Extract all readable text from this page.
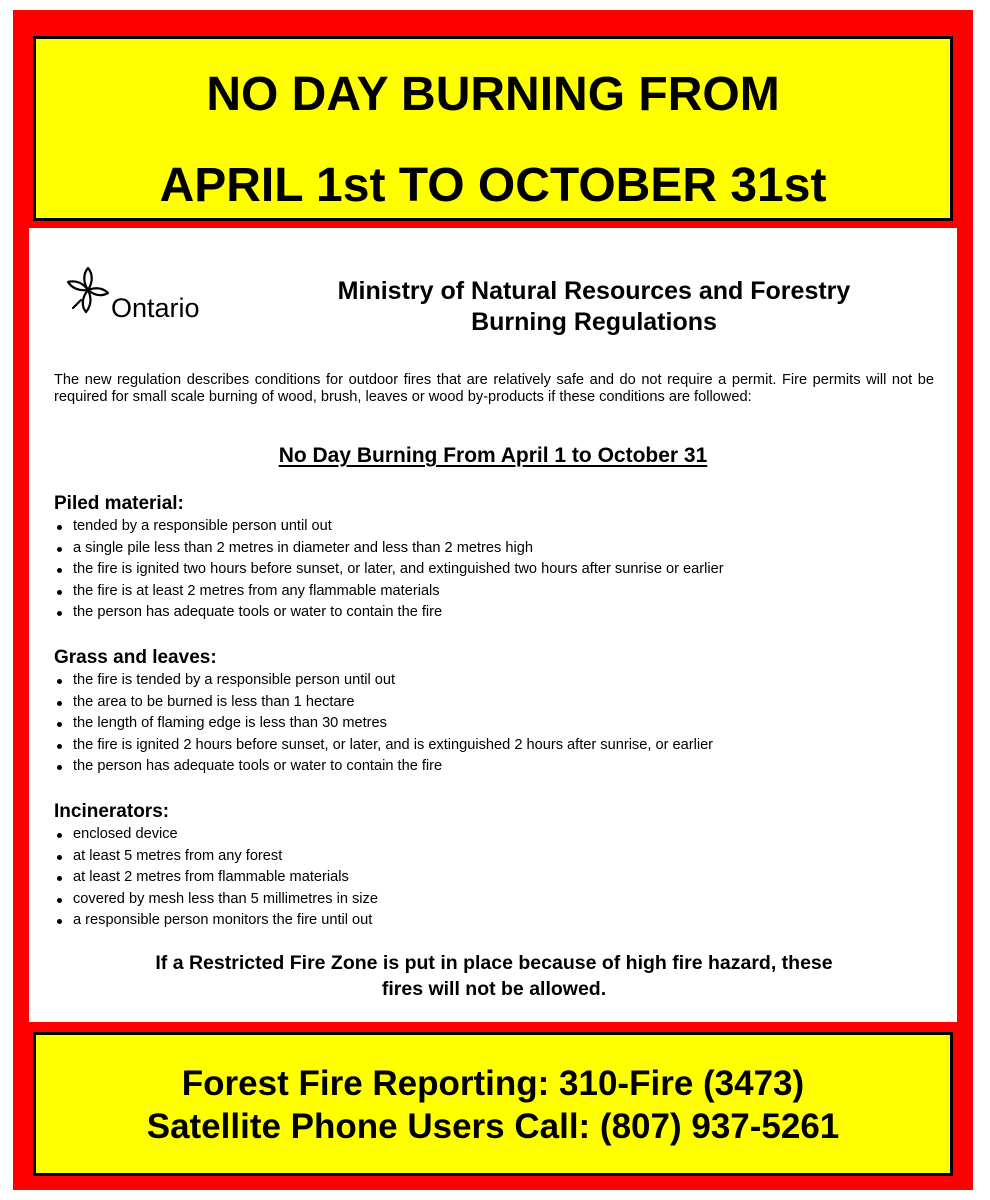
NO DAY BURNING FROM
APRIL 1st TO OCTOBER 31st
Ontario
Ministry of Natural Resources and Forestry
Burning Regulations
The new regulation describes conditions for outdoor fires that are relatively safe and do not require a permit. Fire permits will not be required for small scale burning of wood, brush, leaves or wood by-products if these conditions are followed:
No Day Burning From April 1 to October 31
Piled material:
tended by a responsible person until out
a single pile less than 2 metres in diameter and less than 2 metres high
the fire is ignited two hours before sunset, or later, and extinguished two hours after sunrise or earlier
the fire is at least 2 metres from any flammable materials
the person has adequate tools or water to contain the fire
Grass and leaves:
the fire is tended by a responsible person until out
the area to be burned is less than 1 hectare
the length of flaming edge is less than 30 metres
the fire is ignited 2 hours before sunset, or later, and is extinguished 2 hours after sunrise, or earlier
the person has adequate tools or water to contain the fire
Incinerators:
enclosed device
at least 5 metres from any forest
at least 2 metres from flammable materials
covered by mesh less than 5 millimetres in size
a responsible person monitors the fire until out
If a Restricted Fire Zone is put in place because of high fire hazard, these
fires will not be allowed.
Forest Fire Reporting: 310-Fire (3473)
Satellite Phone Users Call: (807) 937-5261
